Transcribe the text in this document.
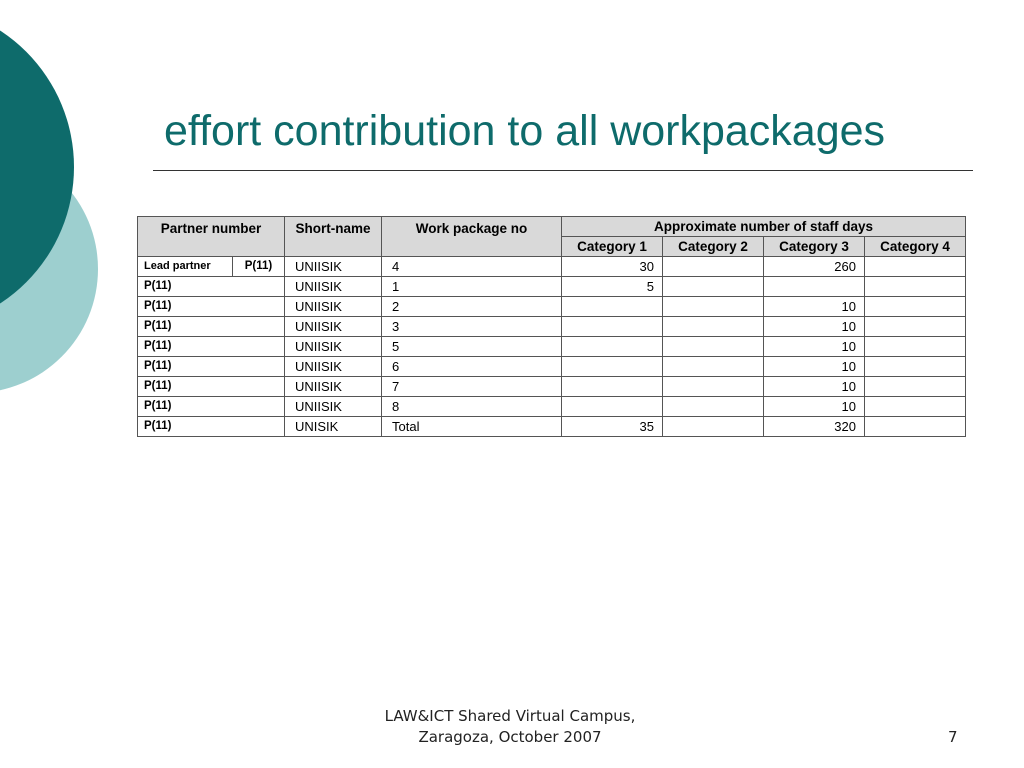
effort contribution to all workpackages
Partner number		Short-name	Work package no	Approximate number of staff days			
				Category 1	Category 2	Category 3	Category 4
Lead partner	P(11)	UNIISIK	4	30		260	
P(11)		UNIISIK	1	5			
P(11)		UNIISIK	2			10	
P(11)		UNIISIK	3			10	
P(11)		UNIISIK	5			10	
P(11)		UNIISIK	6			10	
P(11)		UNIISIK	7			10	
P(11)		UNIISIK	8			10	
P(11)		UNISIK	Total	35		320	
LAW&ICT Shared Virtual Campus,
Zaragoza, October 2007	7
